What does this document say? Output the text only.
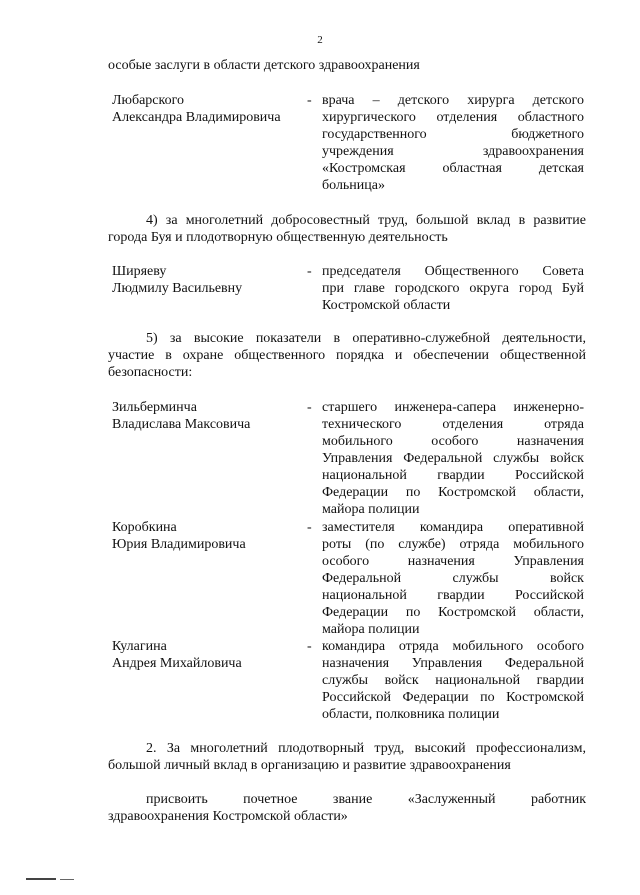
2
особые заслуги в области детского здравоохранения
Любарского
Александра Владимировича
- врача – детского хирурга детского
хирургического отделения областного
государственного бюджетного
учреждения здравоохранения
«Костромская областная детская
больница»
4) за многолетний добросовестный труд, большой вклад в развитие
города Буя и плодотворную общественную деятельность
Ширяеву
Людмилу Васильевну
- председателя Общественного Совета
при главе городского округа город Буй
Костромской области
5) за высокие показатели в оперативно-служебной деятельности,
участие в охране общественного порядка и обеспечении общественной
безопасности:
Зильберминча
Владислава Максовича
- старшего инженера-сапера инженерно-
технического отделения отряда
мобильного особого назначения
Управления Федеральной службы войск
национальной гвардии Российской
Федерации по Костромской области,
майора полиции
Коробкина
Юрия Владимировича
- заместителя командира оперативной
роты (по службе) отряда мобильного
особого назначения Управления
Федеральной службы войск
национальной гвардии Российской
Федерации по Костромской области,
майора полиции
Кулагина
Андрея Михайловича
- командира отряда мобильного особого
назначения Управления Федеральной
службы войск национальной гвардии
Российской Федерации по Костромской
области, полковника полиции
2. За многолетний плодотворный труд, высокий профессионализм,
большой личный вклад в организацию и развитие здравоохранения
присвоить почетное звание «Заслуженный работник
здравоохранения Костромской области»
